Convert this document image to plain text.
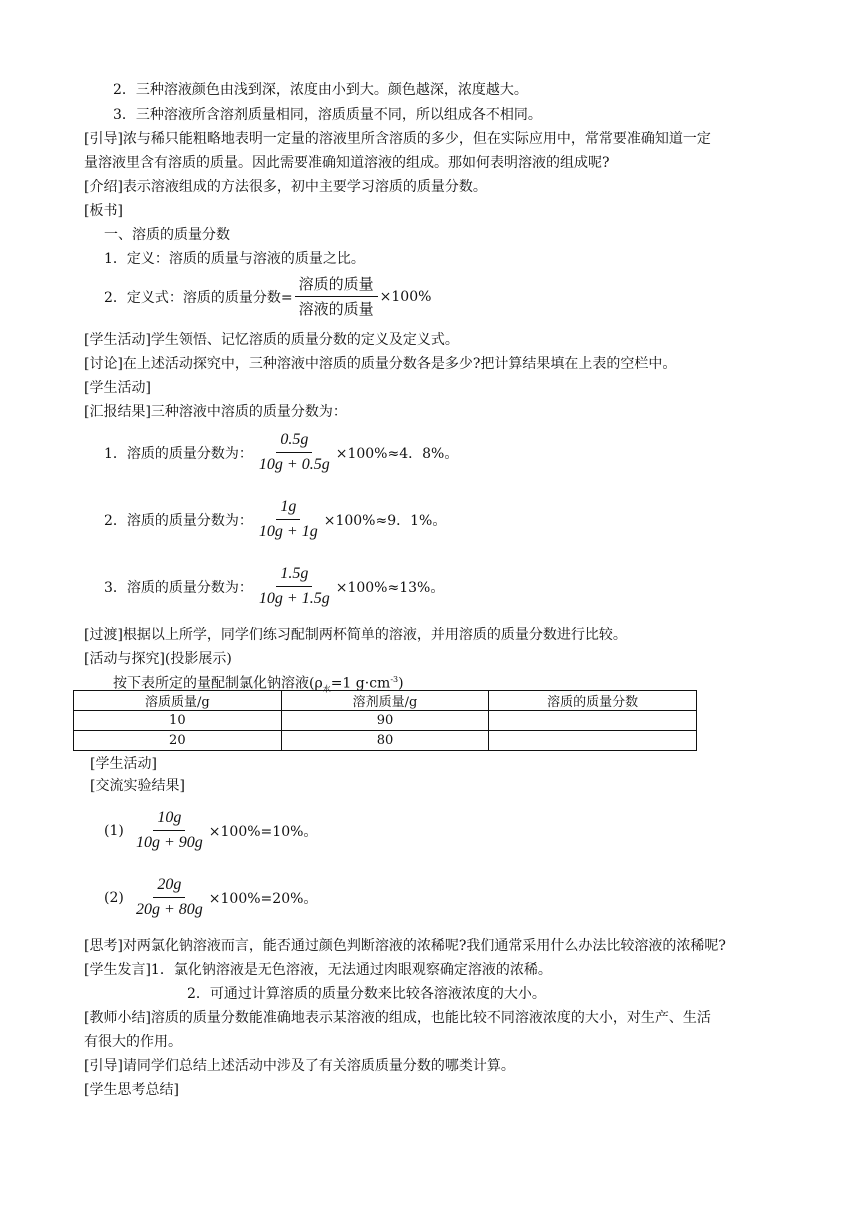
2．三种溶液颜色由浅到深，浓度由小到大。颜色越深，浓度越大。
3．三种溶液所含溶剂质量相同，溶质质量不同，所以组成各不相同。
[引导]浓与稀只能粗略地表明一定量的溶液里所含溶质的多少，但在实际应用中，常常要准确知道一定
量溶液里含有溶质的质量。因此需要准确知道溶液的组成。那如何表明溶液的组成呢?
[介绍]表示溶液组成的方法很多，初中主要学习溶质的质量分数。
[板书]
一、溶质的质量分数
1．定义：溶质的质量与溶液的质量之比。
2．定义式：溶质的质量分数= $\frac{\text{溶质的质量}}{\text{溶液的质量}} \times 100\%$
[学生活动]学生领悟、记忆溶质的质量分数的定义及定义式。
[讨论]在上述活动探究中，三种溶液中溶质的质量分数各是多少?把计算结果填在上表的空栏中。
[学生活动]
[汇报结果]三种溶液中溶质的质量分数为：
1．溶质的质量分数为： $\frac{0.5g}{10g + 0.5g} \times 100\%\approx 4$．8%。
2．溶质的质量分数为： $\frac{1g}{10g + 1g} \times 100\%\approx 9$．1%。
3．溶质的质量分数为： $\frac{1.5g}{10g + 1.5g} \times 100\%\approx 13\%$。
[过渡]根据以上所学，同学们练习配制两杯简单的溶液，并用溶质的质量分数进行比较。
[活动与探究](投影展示)
按下表所定的量配制氯化钠溶液($\rho_水=1$ $g\cdot cm^{-3}$)
溶质质量/g	溶剂质量/g	溶质的质量分数
10	90	
20	80	
[学生活动]
[交流实验结果]
$(1) \frac{10g}{10g + 90g} \times 100\%=10\%$。
$(2) \frac{20g}{20g + 80g} \times 100\%=20\%$。
[思考]对两氯化钠溶液而言，能否通过颜色判断溶液的浓稀呢?我们通常采用什么办法比较溶液的浓稀呢?
[学生发言]1．氯化钠溶液是无色溶液，无法通过肉眼观察确定溶液的浓稀。
2．可通过计算溶质的质量分数来比较各溶液浓度的大小。
[教师小结]溶质的质量分数能准确地表示某溶液的组成，也能比较不同溶液浓度的大小，对生产、生活
有很大的作用。
[引导]请同学们总结上述活动中涉及了有关溶质质量分数的哪类计算。
[学生思考总结]
